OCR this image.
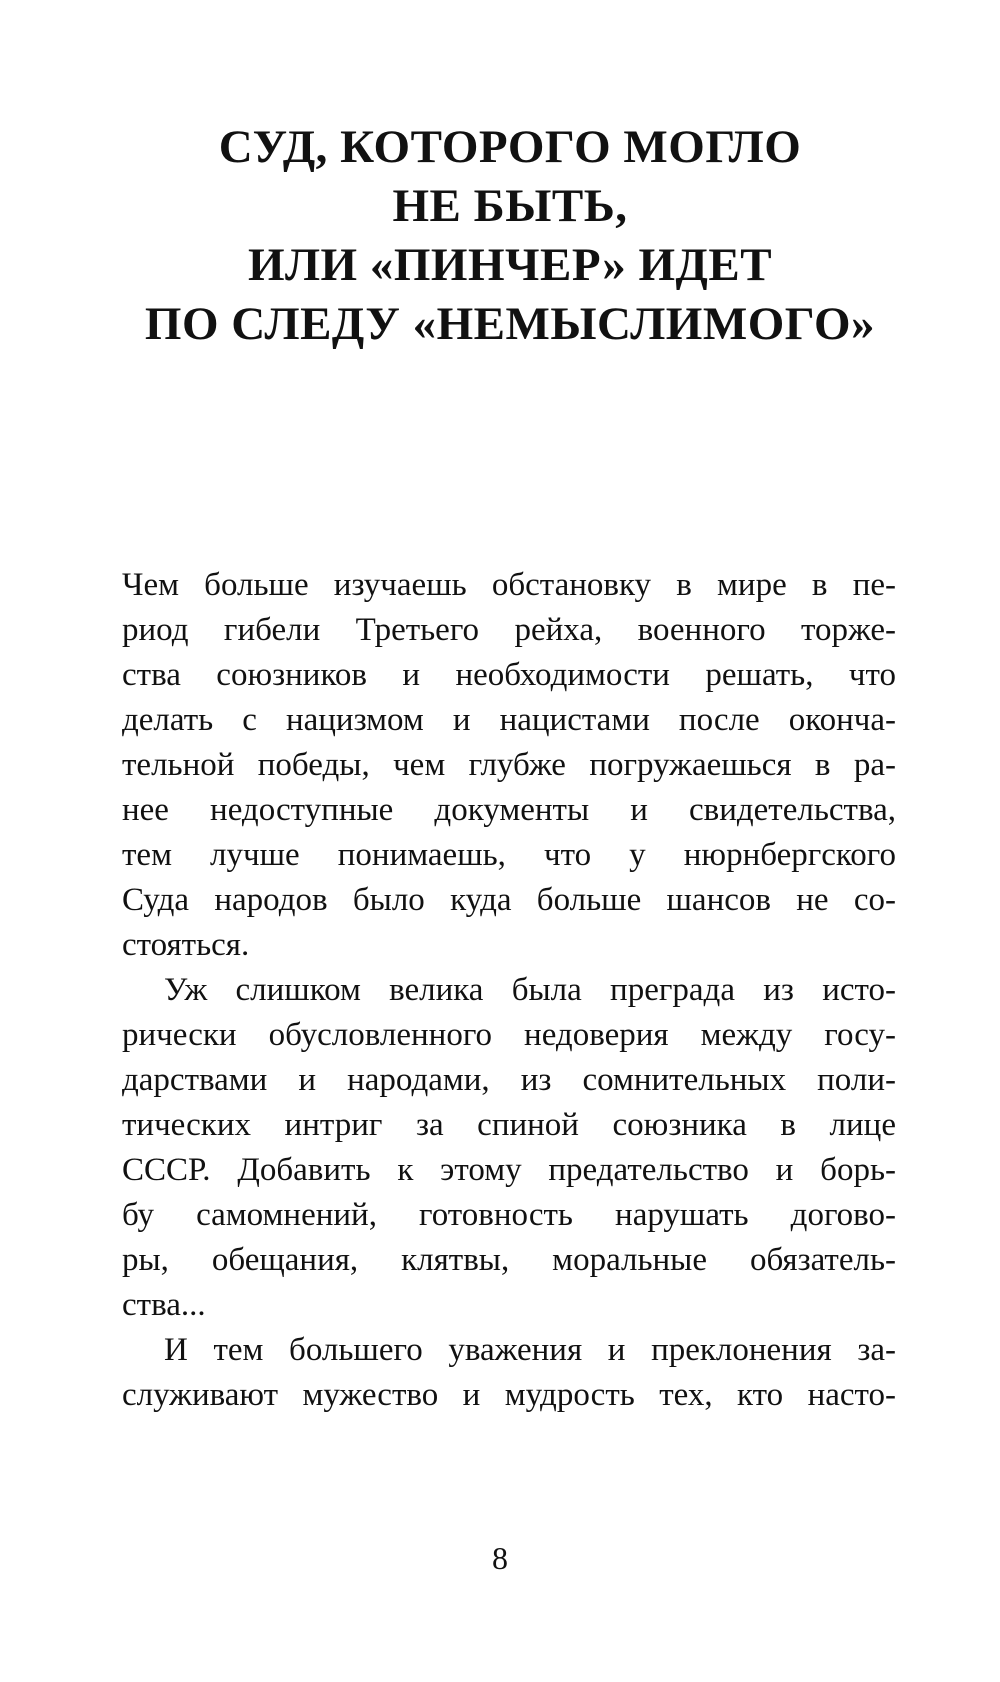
СУД, КОТОРОГО МОГЛО
НЕ БЫТЬ,
ИЛИ «ПИНЧЕР» ИДЕТ
ПО СЛЕДУ «НЕМЫСЛИМОГО»

Чем больше изучаешь обстановку в мире в пе-
риод гибели Третьего рейха, военного торже-
ства союзников и необходимости решать, что
делать с нацизмом и нацистами после оконча-
тельной победы, чем глубже погружаешься в ра-
нее недоступные документы и свидетельства,
тем лучше понимаешь, что у нюрнбергского
Суда народов было куда больше шансов не со-
стояться.

Уж слишком велика была преграда из исто-
рически обусловленного недоверия между госу-
дарствами и народами, из сомнительных поли-
тических интриг за спиной союзника в лице
СССР. Добавить к этому предательство и борь-
бу самомнений, готовность нарушать догово-
ры, обещания, клятвы, моральные обязатель-
ства...

И тем большего уважения и преклонения за-
служивают мужество и мудрость тех, кто насто-

8
